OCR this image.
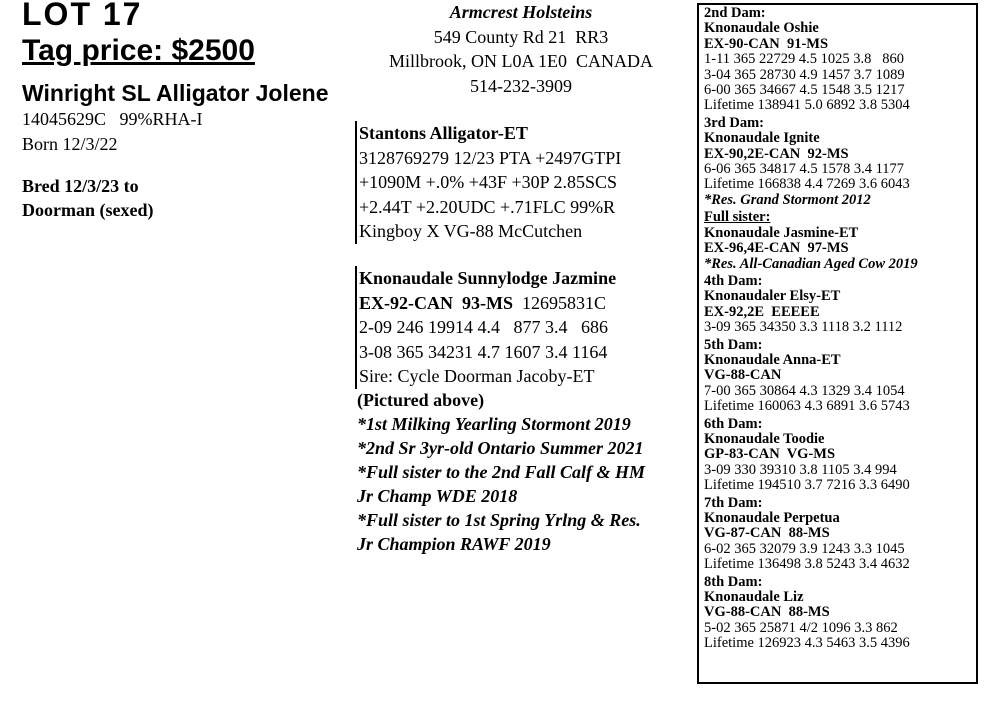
LOT 17
Tag price: $2500
Winright SL Alligator Jolene
14045629C   99%RHA-I
Born 12/3/22
Bred 12/3/23 to
Doorman (sexed)
Armcrest Holsteins
549 County Rd 21  RR3
Millbrook, ON L0A 1E0  CANADA
514-232-3909
Stantons Alligator-ET
3128769279 12/23 PTA +2497GTPI
+1090M +.0% +43F +30P 2.85SCS
+2.44T +2.20UDC +.71FLC 99%R
Kingboy X VG-88 McCutchen
Knonaudale Sunnylodge Jazmine
EX-92-CAN  93-MS  12695831C
2-09 246 19914 4.4   877 3.4   686
3-08 365 34231 4.7 1607 3.4 1164
Sire: Cycle Doorman Jacoby-ET
(Pictured above)
*1st Milking Yearling Stormont 2019
*2nd Sr 3yr-old Ontario Summer 2021
*Full sister to the 2nd Fall Calf & HM
Jr Champ WDE 2018
*Full sister to 1st Spring Yrlng & Res.
Jr Champion RAWF 2019
2nd Dam:
Knonaudale Oshie
EX-90-CAN  91-MS
1-11 365 22729 4.5 1025 3.8   860
3-04 365 28730 4.9 1457 3.7 1089
6-00 365 34667 4.5 1548 3.5 1217
Lifetime 138941 5.0 6892 3.8 5304
3rd Dam:
Knonaudale Ignite
EX-90,2E-CAN  92-MS
6-06 365 34817 4.5 1578 3.4 1177
Lifetime 166838 4.4 7269 3.6 6043
*Res. Grand Stormont 2012
Full sister:
Knonaudale Jasmine-ET
EX-96,4E-CAN  97-MS
*Res. All-Canadian Aged Cow 2019
4th Dam:
Knonaudaler Elsy-ET
EX-92,2E  EEEEE
3-09 365 34350 3.3 1118 3.2 1112
5th Dam:
Knonaudale Anna-ET
VG-88-CAN
7-00 365 30864 4.3 1329 3.4 1054
Lifetime 160063 4.3 6891 3.6 5743
6th Dam:
Knonaudale Toodie
GP-83-CAN  VG-MS
3-09 330 39310 3.8 1105 3.4 994
Lifetime 194510 3.7 7216 3.3 6490
7th Dam:
Knonaudale Perpetua
VG-87-CAN  88-MS
6-02 365 32079 3.9 1243 3.3 1045
Lifetime 136498 3.8 5243 3.4 4632
8th Dam:
Knonaudale Liz
VG-88-CAN  88-MS
5-02 365 25871 4/2 1096 3.3 862
Lifetime 126923 4.3 5463 3.5 4396
